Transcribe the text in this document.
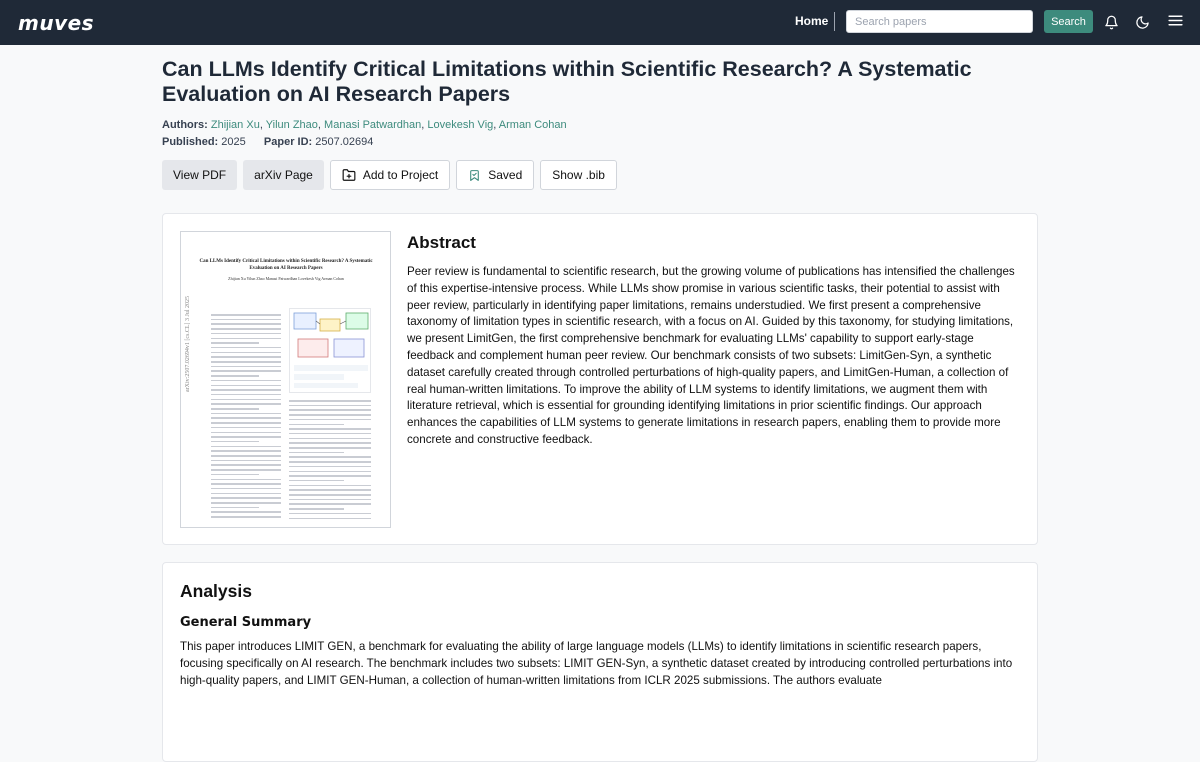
muves	Home
Search papers	Search
Can LLMs Identify Critical Limitations within Scientific Research? A Systematic Evaluation on AI Research Papers
Authors: Zhijian Xu, Yilun Zhao, Manasi Patwardhan, Lovekesh Vig, Arman Cohan
Published: 2025 Paper ID: 2507.02694
View PDF arXiv Page	Add to Project	Saved	Show .bib
Can LLMs Identify Critical Limitations within Scientific Research? A Systematic Evaluation on AI Research Papers
Zhijian Xu Yilun Zhao Manasi Patwardhan Lovekesh Vig Arman Cohan
arXiv:2507.02694v1 [cs.CL] 3 Jul 2025
Abstract

Peer review is fundamental to scientific research, but the growing volume of publications has intensified the challenges of this expertise-intensive process. While LLMs show promise in various scientific tasks, their potential to assist with peer review, particularly in identifying paper limitations, remains understudied. We first present a comprehensive taxonomy of limitation types in scientific research, with a focus on AI. Guided by this taxonomy, for studying limitations, we present LimitGen, the first comprehensive benchmark for evaluating LLMs' capability to support early-stage feedback and complement human peer review. Our benchmark consists of two subsets: LimitGen-Syn, a synthetic dataset carefully created through controlled perturbations of high-quality papers, and LimitGen-Human, a collection of real human-written limitations. To improve the ability of LLM systems to identify limitations, we augment them with literature retrieval, which is essential for grounding identifying limitations in prior scientific findings. Our approach enhances the capabilities of LLM systems to generate limitations in research papers, enabling them to provide more concrete and constructive feedback.

Analysis
General Summary

This paper introduces LIMIT GEN, a benchmark for evaluating the ability of large language models (LLMs) to identify limitations in scientific research papers, focusing specifically on AI research. The benchmark includes two subsets: LIMIT GEN-Syn, a synthetic dataset created by introducing controlled perturbations into high-quality papers, and LIMIT GEN-Human, a collection of human-written limitations from ICLR 2025 submissions. The authors evaluate
